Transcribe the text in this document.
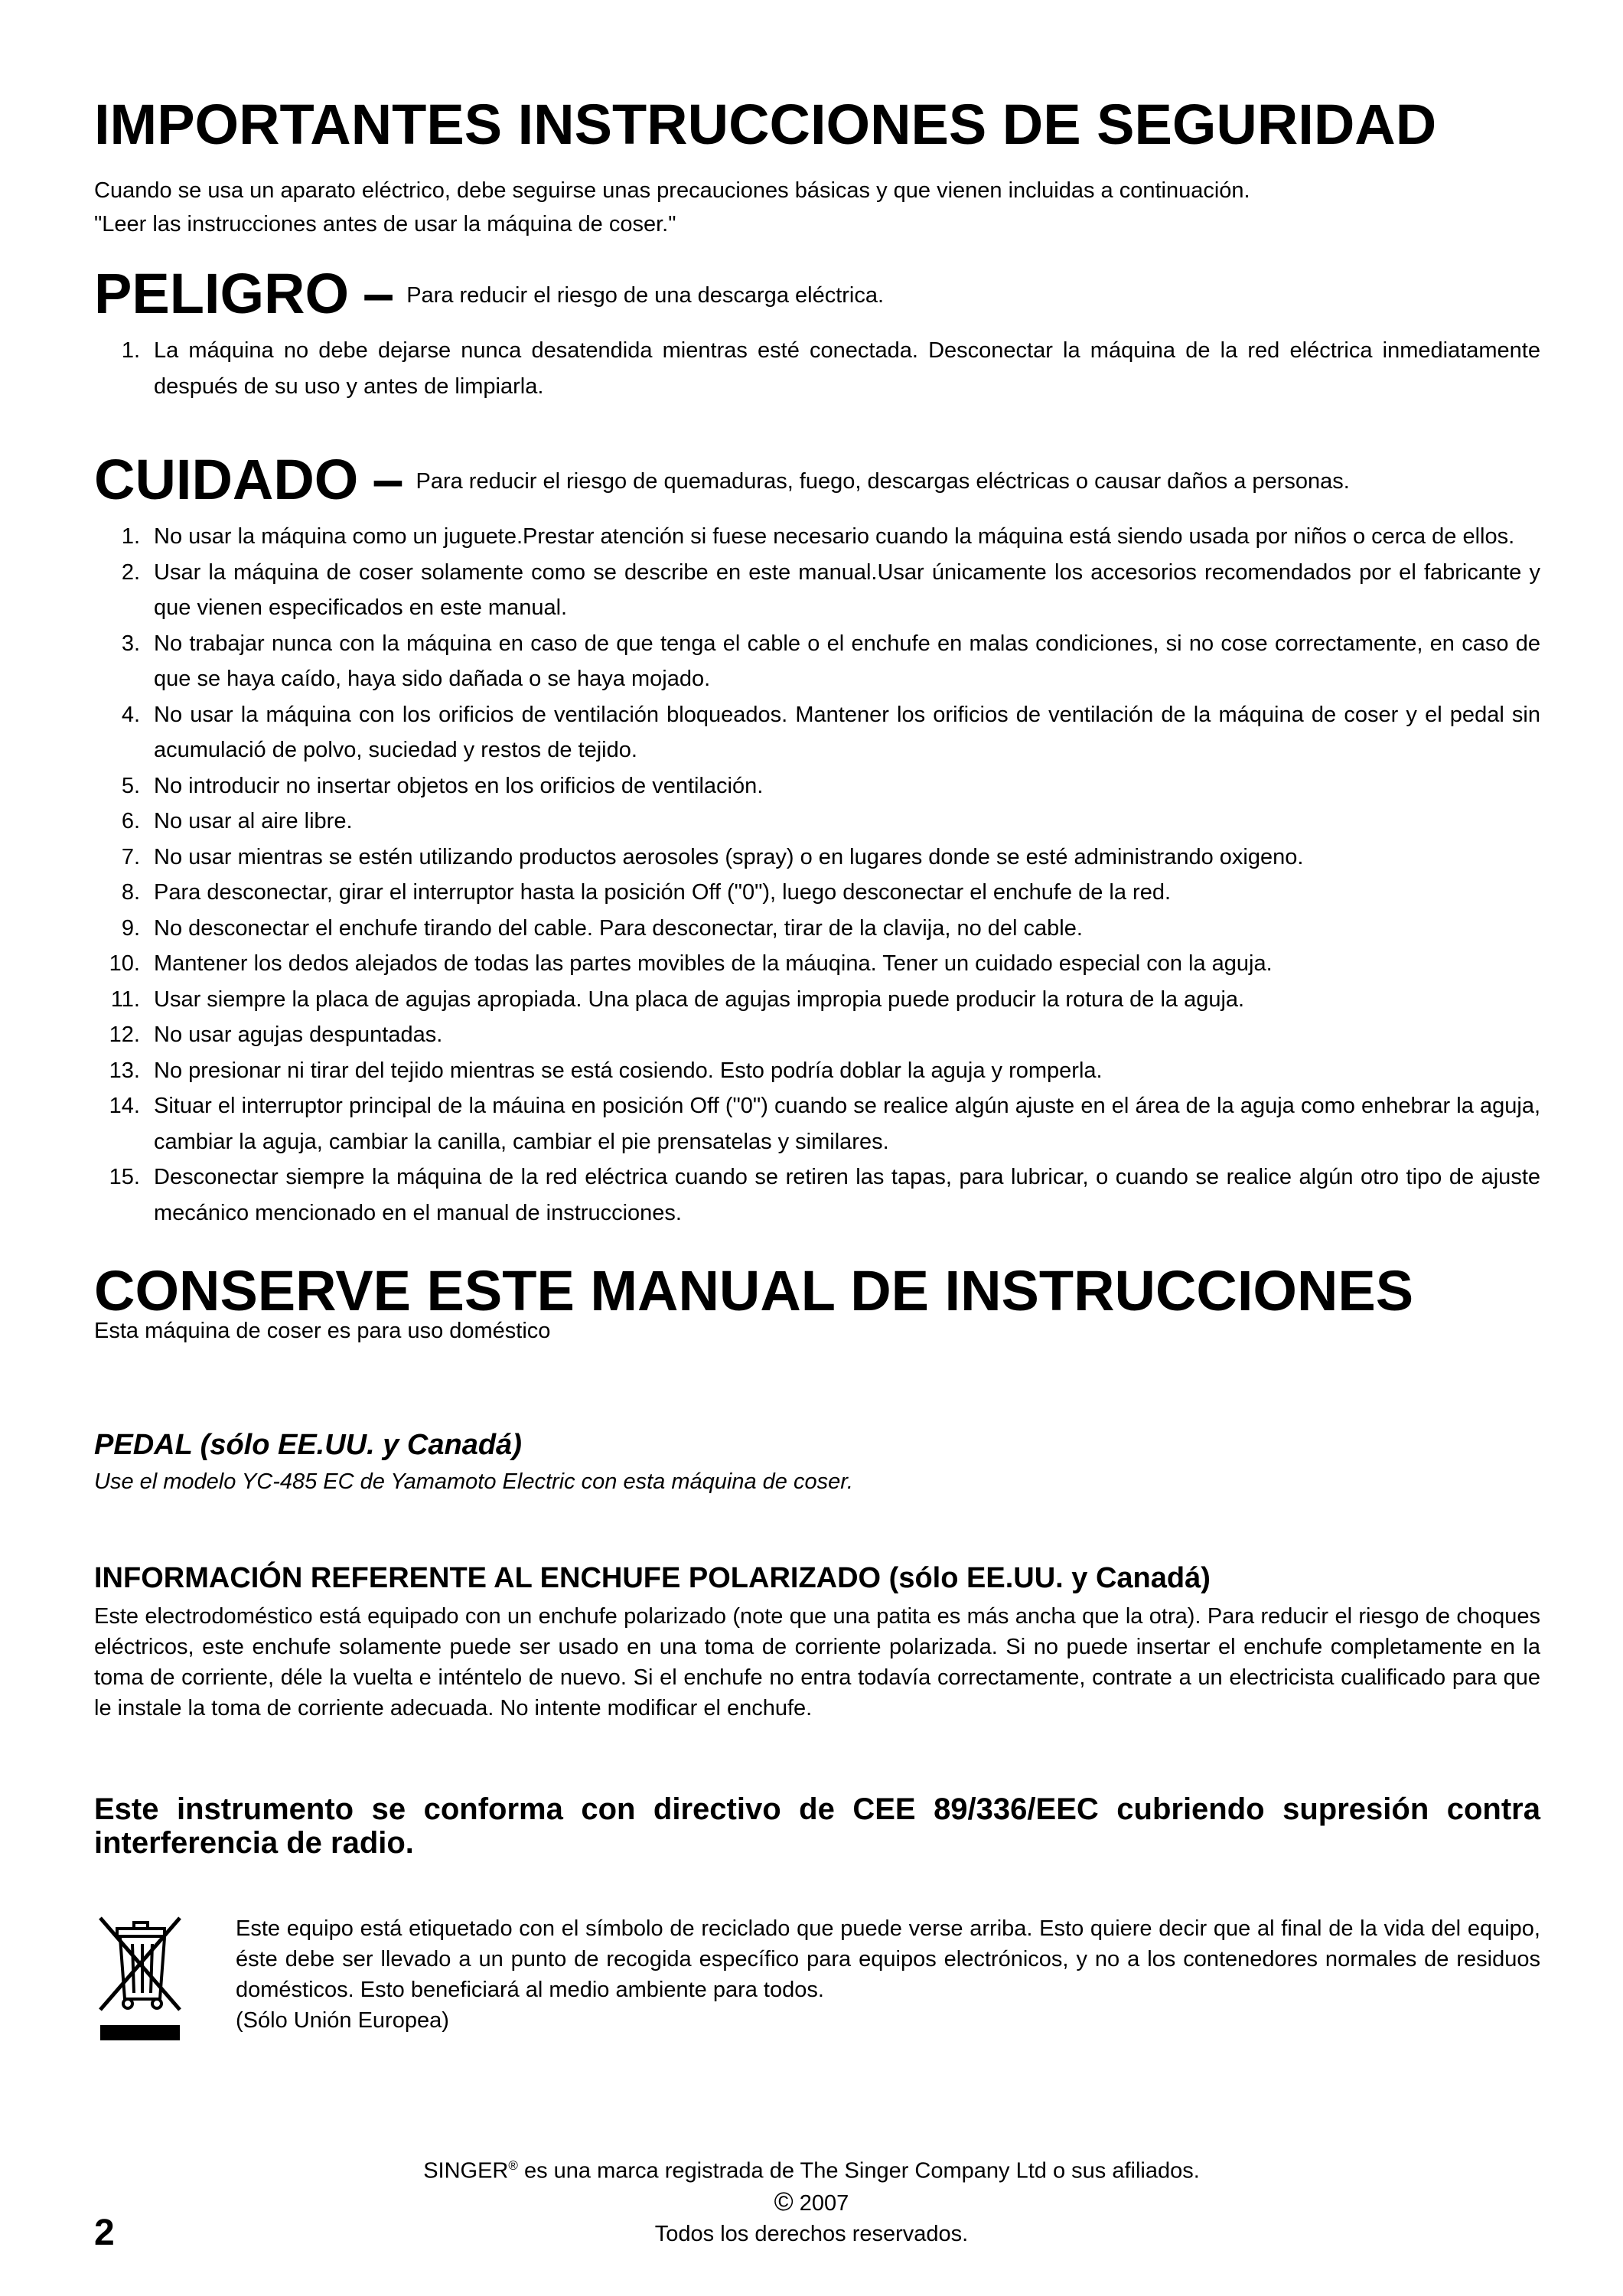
IMPORTANTES INSTRUCCIONES DE SEGURIDAD

Cuando se usa un aparato eléctrico, debe seguirse unas precauciones básicas y que vienen incluidas a continuación.

"Leer las instrucciones antes de usar la máquina de coser."

PELIGRO – Para reducir el riesgo de una descarga eléctrica.
1. La máquina no debe dejarse nunca desatendida mientras esté conectada. Desconectar la máquina de la red eléctrica inmediatamente después de su uso y antes de limpiarla.
CUIDADO – Para reducir el riesgo de quemaduras, fuego, descargas eléctricas o causar daños a personas.
1. No usar la máquina como un juguete.Prestar atención si fuese necesario cuando la máquina está siendo usada por niños o cerca de ellos.
2. Usar la máquina de coser solamente como se describe en este manual.Usar únicamente los accesorios recomendados por el fabricante y que vienen especificados en este manual.
3. No trabajar nunca con la máquina en caso de que tenga el cable o el enchufe en malas condiciones, si no cose correctamente, en caso de que se haya caído, haya sido dañada o se haya mojado.
4. No usar la máquina con los orificios de ventilación bloqueados. Mantener los orificios de ventilación de la máquina de coser y el pedal sin acumulació de polvo, suciedad y restos de tejido.
5. No introducir no insertar objetos en los orificios de ventilación.
6. No usar al aire libre.
7. No usar mientras se estén utilizando productos aerosoles (spray) o en lugares donde se esté administrando oxigeno.
8. Para desconectar, girar el interruptor hasta la posición Off ("0"), luego desconectar el enchufe de la red.
9. No desconectar el enchufe tirando del cable. Para desconectar, tirar de la clavija, no del cable.
10. Mantener los dedos alejados de todas las partes movibles de la máuqina. Tener un cuidado especial con la aguja.
11. Usar siempre la placa de agujas apropiada. Una placa de agujas impropia puede producir la rotura de la aguja.
12. No usar agujas despuntadas.
13. No presionar ni tirar del tejido mientras se está cosiendo. Esto podría doblar la aguja y romperla.
14. Situar el interruptor principal de la máuina en posición Off ("0") cuando se realice algún ajuste en el área de la aguja como enhebrar la aguja, cambiar la aguja, cambiar la canilla, cambiar el pie prensatelas y similares.
15. Desconectar siempre la máquina de la red eléctrica cuando se retiren las tapas, para lubricar, o cuando se realice algún otro tipo de ajuste mecánico mencionado en el manual de instrucciones.
CONSERVE ESTE MANUAL DE INSTRUCCIONES
Esta máquina de coser es para uso doméstico
PEDAL (sólo EE.UU. y Canadá)
Use el modelo YC-485 EC de Yamamoto Electric con esta máquina de coser.
INFORMACIÓN REFERENTE AL ENCHUFE POLARIZADO (sólo EE.UU. y Canadá)
Este electrodoméstico está equipado con un enchufe polarizado (note que una patita es más ancha que la otra). Para reducir el riesgo de choques eléctricos, este enchufe solamente puede ser usado en una toma de corriente polarizada. Si no puede insertar el enchufe completamente en la toma de corriente, déle la vuelta e inténtelo de nuevo. Si el enchufe no entra todavía correctamente, contrate a un electricista cualificado para que le instale la toma de corriente adecuada. No intente modificar el enchufe.
Este instrumento se conforma con directivo de CEE 89/336/EEC cubriendo supresión contra interferencia de radio.
Este equipo está etiquetado con el símbolo de reciclado que puede verse arriba. Esto quiere decir que al final de la vida del equipo, éste debe ser llevado a un punto de recogida específico para equipos electrónicos, y no a los contenedores normales de residuos domésticos. Esto beneficiará al medio ambiente para todos.
(Sólo Unión Europea)
SINGER® es una marca registrada de The Singer Company Ltd o sus afiliados.
© 2007
Todos los derechos reservados.
2
